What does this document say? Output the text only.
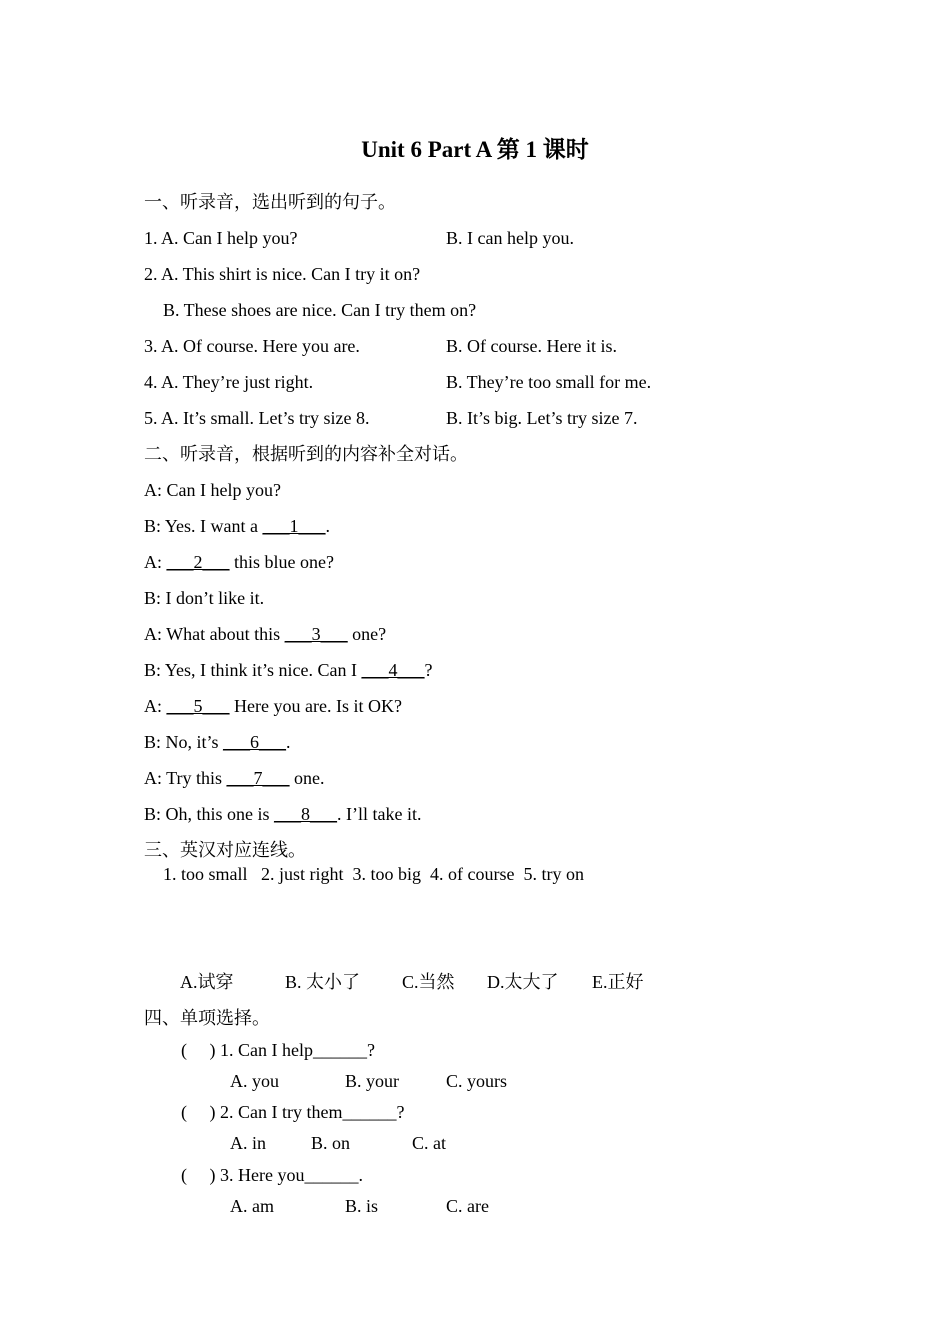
Unit 6 Part A 第 1 课时
一、听录音，选出听到的句子。
1. A. Can I help you?	B. I can help you.
2. A. This shirt is nice. Can I try it on?
B. These shoes are nice. Can I try them on?
3. A. Of course. Here you are.	B. Of course. Here it is.
4. A. They’re just right.	B. They’re too small for me.
5. A. It’s small. Let’s try size 8.	B. It’s big. Let’s try size 7.
二、听录音，根据听到的内容补全对话。
A: Can I help you?
B: Yes. I want a ___1___.
A: ___2___ this blue one?
B: I don’t like it.
A: What about this ___3___ one?
B: Yes, I think it’s nice. Can I ___4___?
A: ___5___ Here you are. Is it OK?
B: No, it’s ___6___.
A: Try this ___7___ one.
B: Oh, this one is ___8___. I’ll take it.
三、英汉对应连线。
1. too small   2. just right  3. too big  4. of course  5. try on
A.试穿	B. 太小了 C.当然 D.太大了 E.正好
四、单项选择。
(     ) 1. Can I help______?
A. you	B. your	C. yours
(     ) 2. Can I try them______?
A. in	B. on	C. at
(     ) 3. Here you______.
A. am	B. is	C. are
